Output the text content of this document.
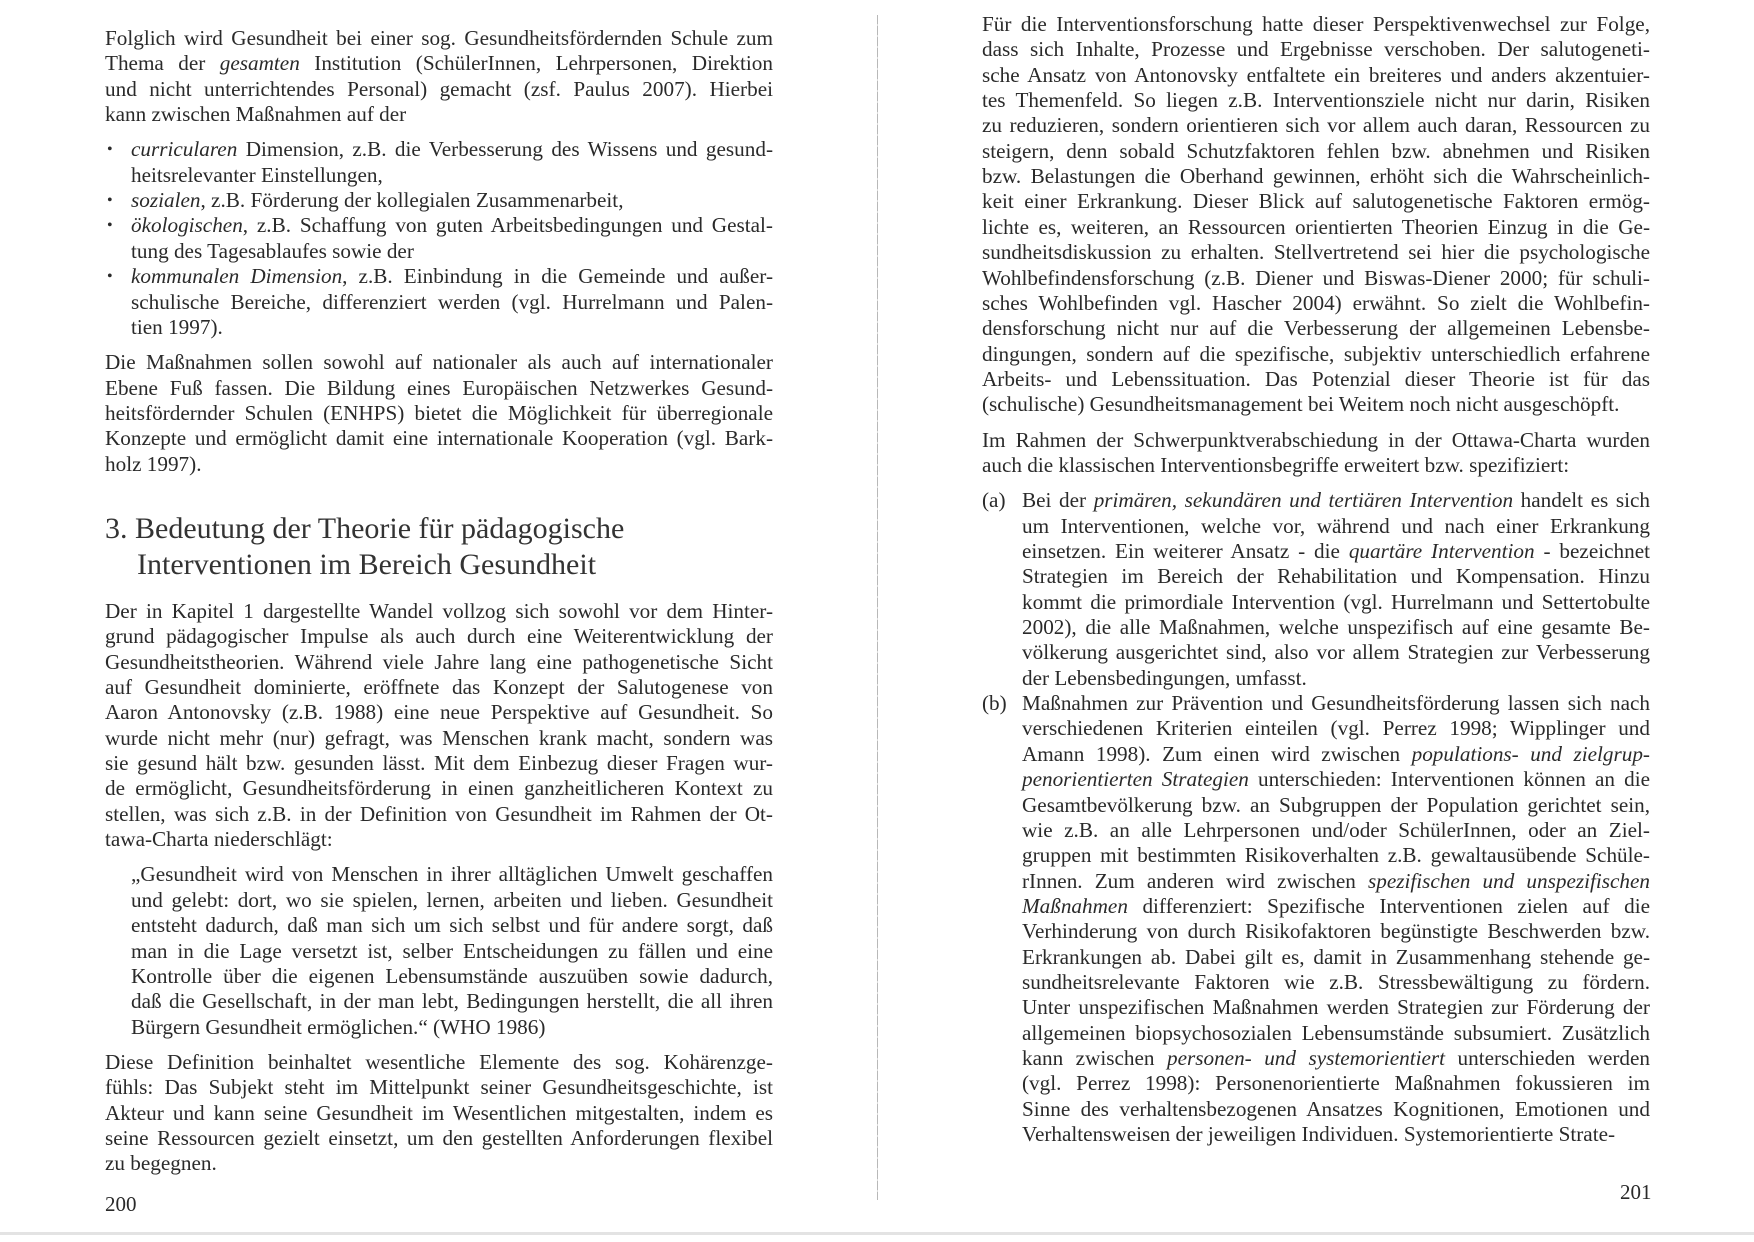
Folglich wird Gesundheit bei einer sog. Gesundheitsfördernden Schule zum
Thema der gesamten Institution (SchülerInnen, Lehrpersonen, Direktion
und nicht unterrichtendes Personal) gemacht (zsf. Paulus 2007). Hierbei
kann zwischen Maßnahmen auf der
• curricularen Dimension, z.B. die Verbesserung des Wissens und gesund-
heitsrelevanter Einstellungen,
• sozialen, z.B. Förderung der kollegialen Zusammenarbeit,
• ökologischen, z.B. Schaffung von guten Arbeitsbedingungen und Gestal-
tung des Tagesablaufes sowie der
• kommunalen Dimension, z.B. Einbindung in die Gemeinde und außer-
schulische Bereiche, differenziert werden (vgl. Hurrelmann und Palen-
tien 1997).
Die Maßnahmen sollen sowohl auf nationaler als auch auf internationaler
Ebene Fuß fassen. Die Bildung eines Europäischen Netzwerkes Gesund-
heitsfördernder Schulen (ENHPS) bietet die Möglichkeit für überregionale
Konzepte und ermöglicht damit eine internationale Kooperation (vgl. Bark-
holz 1997).
3. Bedeutung der Theorie für pädagogische
Interventionen im Bereich Gesundheit
Der in Kapitel 1 dargestellte Wandel vollzog sich sowohl vor dem Hinter-
grund pädagogischer Impulse als auch durch eine Weiterentwicklung der
Gesundheitstheorien. Während viele Jahre lang eine pathogenetische Sicht
auf Gesundheit dominierte, eröffnete das Konzept der Salutogenese von
Aaron Antonovsky (z.B. 1988) eine neue Perspektive auf Gesundheit. So
wurde nicht mehr (nur) gefragt, was Menschen krank macht, sondern was
sie gesund hält bzw. gesunden lässt. Mit dem Einbezug dieser Fragen wur-
de ermöglicht, Gesundheitsförderung in einen ganzheitlicheren Kontext zu
stellen, was sich z.B. in der Definition von Gesundheit im Rahmen der Ot-
tawa-Charta niederschlägt:
„Gesundheit wird von Menschen in ihrer alltäglichen Umwelt geschaffen
und gelebt: dort, wo sie spielen, lernen, arbeiten und lieben. Gesundheit
entsteht dadurch, daß man sich um sich selbst und für andere sorgt, daß
man in die Lage versetzt ist, selber Entscheidungen zu fällen und eine
Kontrolle über die eigenen Lebensumstände auszuüben sowie dadurch,
daß die Gesellschaft, in der man lebt, Bedingungen herstellt, die all ihren
Bürgern Gesundheit ermöglichen.“ (WHO 1986)
Diese Definition beinhaltet wesentliche Elemente des sog. Kohärenzge-
fühls: Das Subjekt steht im Mittelpunkt seiner Gesundheitsgeschichte, ist
Akteur und kann seine Gesundheit im Wesentlichen mitgestalten, indem es
seine Ressourcen gezielt einsetzt, um den gestellten Anforderungen flexibel
zu begegnen.
200
Für die Interventionsforschung hatte dieser Perspektivenwechsel zur Folge,
dass sich Inhalte, Prozesse und Ergebnisse verschoben. Der salutogeneti-
sche Ansatz von Antonovsky entfaltete ein breiteres und anders akzentuier-
tes Themenfeld. So liegen z.B. Interventionsziele nicht nur darin, Risiken
zu reduzieren, sondern orientieren sich vor allem auch daran, Ressourcen zu
steigern, denn sobald Schutzfaktoren fehlen bzw. abnehmen und Risiken
bzw. Belastungen die Oberhand gewinnen, erhöht sich die Wahrscheinlich-
keit einer Erkrankung. Dieser Blick auf salutogenetische Faktoren ermög-
lichte es, weiteren, an Ressourcen orientierten Theorien Einzug in die Ge-
sundheitsdiskussion zu erhalten. Stellvertretend sei hier die psychologische
Wohlbefindensforschung (z.B. Diener und Biswas-Diener 2000; für schuli-
sches Wohlbefinden vgl. Hascher 2004) erwähnt. So zielt die Wohlbefin-
densforschung nicht nur auf die Verbesserung der allgemeinen Lebensbe-
dingungen, sondern auf die spezifische, subjektiv unterschiedlich erfahrene
Arbeits- und Lebenssituation. Das Potenzial dieser Theorie ist für das
(schulische) Gesundheitsmanagement bei Weitem noch nicht ausgeschöpft.
Im Rahmen der Schwerpunktverabschiedung in der Ottawa-Charta wurden
auch die klassischen Interventionsbegriffe erweitert bzw. spezifiziert:
(a) Bei der primären, sekundären und tertiären Intervention handelt es sich
um Interventionen, welche vor, während und nach einer Erkrankung
einsetzen. Ein weiterer Ansatz - die quartäre Intervention - bezeichnet
Strategien im Bereich der Rehabilitation und Kompensation. Hinzu
kommt die primordiale Intervention (vgl. Hurrelmann und Settertobulte
2002), die alle Maßnahmen, welche unspezifisch auf eine gesamte Be-
völkerung ausgerichtet sind, also vor allem Strategien zur Verbesserung
der Lebensbedingungen, umfasst.
(b) Maßnahmen zur Prävention und Gesundheitsförderung lassen sich nach
verschiedenen Kriterien einteilen (vgl. Perrez 1998; Wipplinger und
Amann 1998). Zum einen wird zwischen populations- und zielgrup-
penorientierten Strategien unterschieden: Interventionen können an die
Gesamtbevölkerung bzw. an Subgruppen der Population gerichtet sein,
wie z.B. an alle Lehrpersonen und/oder SchülerInnen, oder an Ziel-
gruppen mit bestimmten Risikoverhalten z.B. gewaltausübende Schüle-
rInnen. Zum anderen wird zwischen spezifischen und unspezifischen
Maßnahmen differenziert: Spezifische Interventionen zielen auf die
Verhinderung von durch Risikofaktoren begünstigte Beschwerden bzw.
Erkrankungen ab. Dabei gilt es, damit in Zusammenhang stehende ge-
sundheitsrelevante Faktoren wie z.B. Stressbewältigung zu fördern.
Unter unspezifischen Maßnahmen werden Strategien zur Förderung der
allgemeinen biopsychosozialen Lebensumstände subsumiert. Zusätzlich
kann zwischen personen- und systemorientiert unterschieden werden
(vgl. Perrez 1998): Personenorientierte Maßnahmen fokussieren im
Sinne des verhaltensbezogenen Ansatzes Kognitionen, Emotionen und
Verhaltensweisen der jeweiligen Individuen. Systemorientierte Strate-
201
